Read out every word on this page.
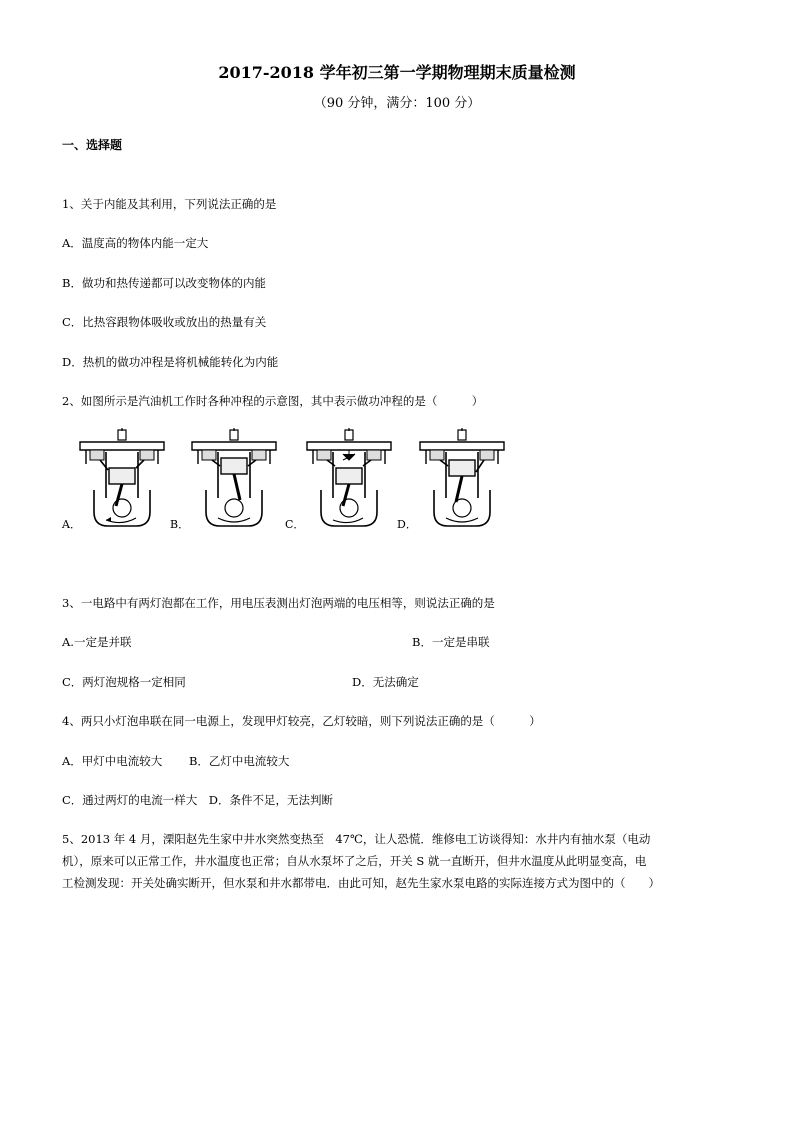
2017-2018 学年初三第一学期物理期末质量检测
（90 分钟，满分：100 分）
一、选择题
1、关于内能及其利用，下列说法正确的是
A．温度高的物体内能一定大
B．做功和热传递都可以改变物体的内能
C．比热容跟物体吸收或放出的热量有关
D．热机的做功冲程是将机械能转化为内能
2、如图所示是汽油机工作时各种冲程的示意图，其中表示做功冲程的是（　　　）
A．	B．	C．	D．
3、一电路中有两灯泡都在工作，用电压表测出灯泡两端的电压相等，则说法正确的是
A.一定是并联	B．一定是串联
C．两灯泡规格一定相同	D．无法确定
4、两只小灯泡串联在同一电源上，发现甲灯较亮，乙灯较暗，则下列说法正确的是（　　　）
A．甲灯中电流较大　　 B．乙灯中电流较大
C．通过两灯的电流一样大　D．条件不足，无法判断
5、2013 年 4 月，溧阳赵先生家中井水突然变热至　47℃，让人恐慌．维修电工访谈得知：水井内有抽水泵（电动
机），原来可以正常工作，井水温度也正常；自从水泵坏了之后，开关 S 就一直断开，但井水温度从此明显变高，电
工检测发现：开关处确实断开，但水泵和井水都带电．由此可知，赵先生家水泵电路的实际连接方式为图中的（　　）
